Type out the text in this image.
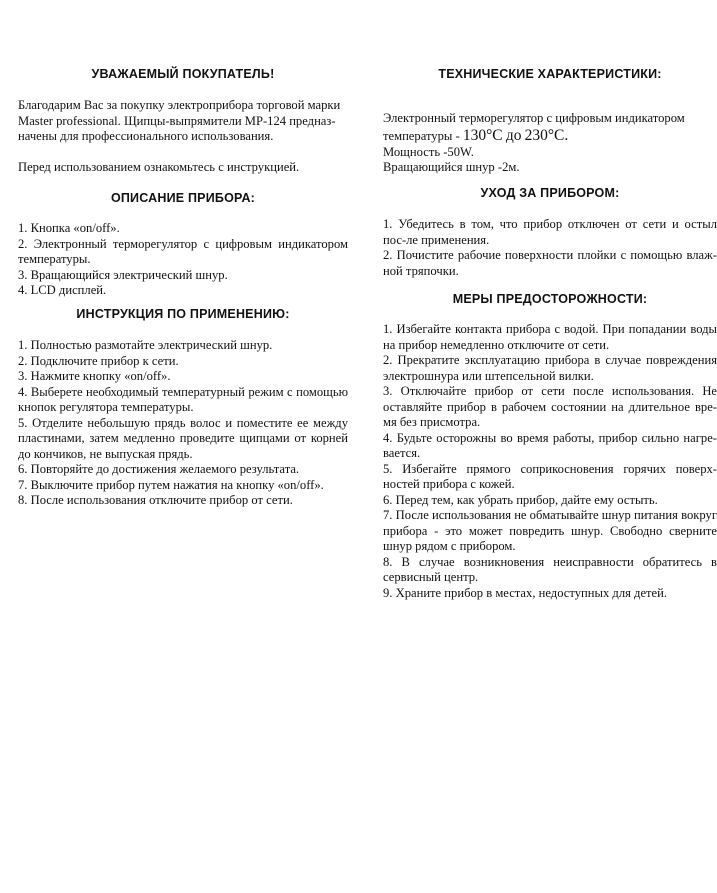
УВАЖАЕМЫЙ ПОКУПАТЕЛЬ!

Благодарим Вас за покупку электроприбора торговой марки

Master professional. Щипцы-выпрямители МР-124 предназ-

начены для профессионального использования.

Перед использованием ознакомьтесь с инструкцией.

ОПИСАНИЕ ПРИБОРА:
1. Кнопка «on/off».
2. Электронный терморегулятор с цифровым индикатором температуры.
3. Вращающийся электрический шнур.
4. LCD дисплей.
ИНСТРУКЦИЯ ПО ПРИМЕНЕНИЮ:
1. Полностью размотайте электрический шнур.
2. Подключите прибор к сети.
3. Нажмите кнопку «on/off».
4. Выберете необходимый температурный режим с помощью кнопок регулятора температуры.
5. Отделите небольшую прядь волос и поместите ее между пластинами, затем медленно проведите щипцами от корней до кончиков, не выпуская прядь.
6. Повторяйте до достижения желаемого результата.
7. Выключите прибор путем нажатия на кнопку «on/off».
8. После использования отключите прибор от сети.
ТЕХНИЧЕСКИЕ ХАРАКТЕРИСТИКИ:

Электронный терморегулятор с цифровым индикатором

температуры - 130°С до 230°С.

Мощность -50W.

Вращающийся шнур -2м.

УХОД ЗА ПРИБОРОМ:
1. Убедитесь в том, что прибор отключен от сети и остыл пос-ле применения.
2. Почистите рабочие поверхности плойки с помощью влаж-ной тряпочки.
МЕРЫ ПРЕДОСТОРОЖНОСТИ:
1. Избегайте контакта прибора с водой. При попадании воды на прибор немедленно отключите от сети.
2. Прекратите эксплуатацию прибора в случае повреждения электрошнура или штепсельной вилки.
3. Отключайте прибор от сети после использования. Не оставляйте прибор в рабочем состоянии на длительное вре-мя без присмотра.
4. Будьте осторожны во время работы, прибор сильно нагре-вается.
5. Избегайте прямого соприкосновения горячих поверх-ностей прибора с кожей.
6. Перед тем, как убрать прибор, дайте ему остыть.
7. После использования не обматывайте шнур питания вокруг прибора - это может повредить шнур. Свободно сверните шнур рядом с прибором.
8. В случае возникновения неисправности обратитесь в сервисный центр.
9. Храните прибор в местах, недоступных для детей.
